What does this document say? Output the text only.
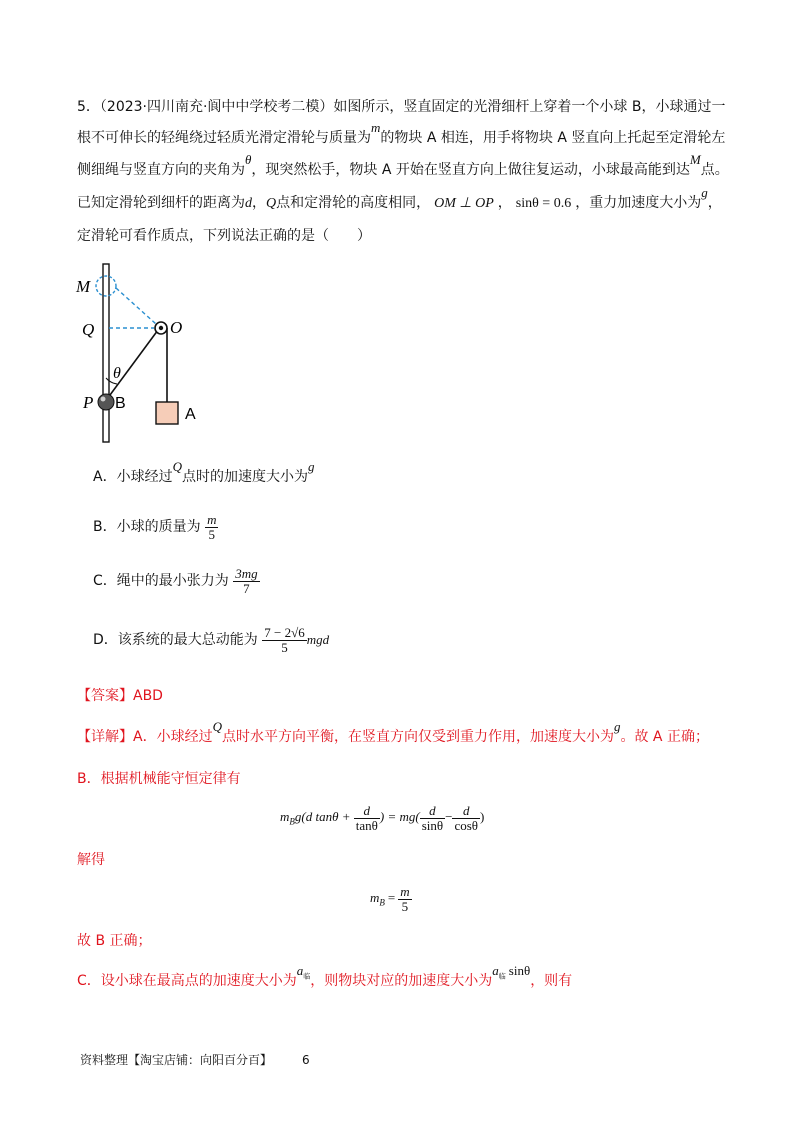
5．（2023·四川南充·阆中中学校考二模）如图所示，竖直固定的光滑细杆上穿着一个小球 B，小球通过一
根不可伸长的轻绳绕过轻质光滑定滑轮与质量为m的物块 A 相连，用手将物块 A 竖直向上托起至定滑轮左
侧细绳与竖直方向的夹角为θ，现突然松手，物块 A 开始在竖直方向上做往复运动，小球最高能到达M点。
已知定滑轮到细杆的距离为d，Q点和定滑轮的高度相同， OM ⊥ OP ， sinθ = 0.6 ，重力加速度大小为g，
定滑轮可看作质点，下列说法正确的是（　　）
M
Q	O
θ
P B
A
A．小球经过Q点时的加速度大小为g
B．小球的质量为 $\frac{m}{5}$
C．绳中的最小张力为 $\frac{3mg}{7}$
D．该系统的最大总动能为 $\frac{7 - 2√6}{5}$ mgd
【答案】ABD
【详解】A．小球经过Q点时水平方向平衡，在竖直方向仅受到重力作用，加速度大小为g。故 A 正确；
B．根据机械能守恒定律有
$m_Bg(d$ $\tan\theta + \frac{d}{\tan\theta}$ ) = $mg( \frac{d}{\sin\theta} - \frac{d}{\cos\theta}$ )
解得
$m_B = \frac{m}{5}$
故 B 正确；
C．设小球在最高点的加速度大小为$a_临$，则物块对应的加速度大小为$a_临$ sinθ，则有
资料整理【淘宝店铺：向阳百分百】	6
